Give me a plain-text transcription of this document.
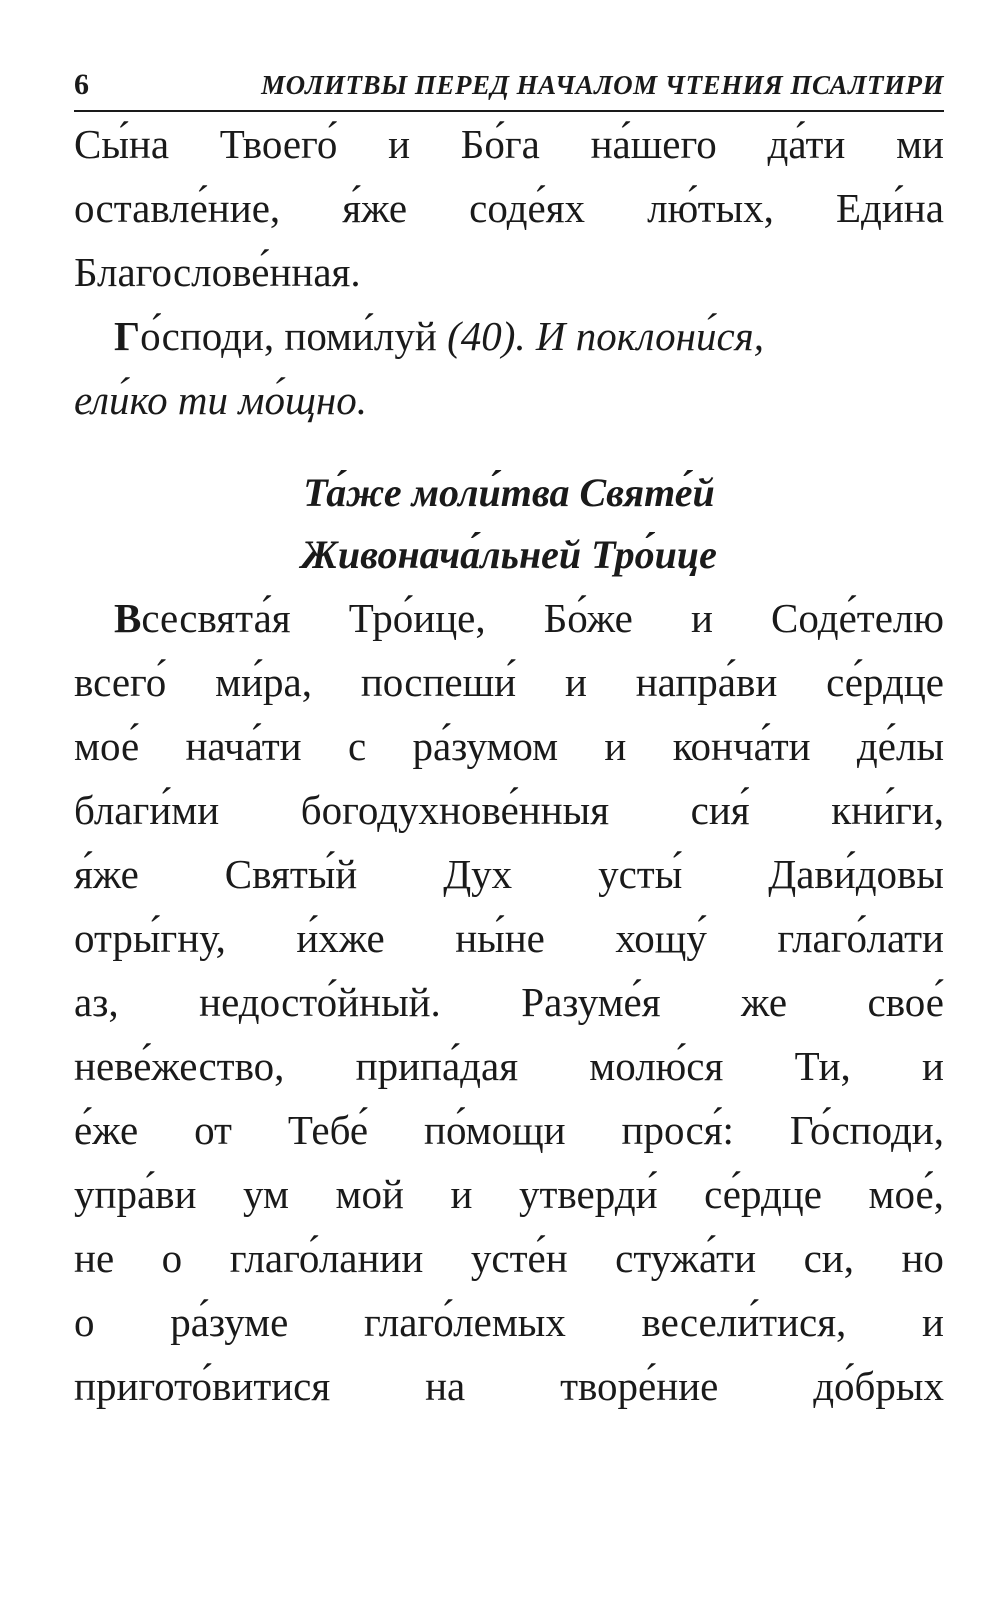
6	МОЛИТВЫ ПЕРЕД НАЧАЛОМ ЧТЕНИЯ ПСАЛТИРИ
Сы́на Твоего́ и Бо́га на́шего да́ти ми
оставле́ние, я́же соде́ях лю́тых, Еди́на
Благослове́нная.
Го́споди, поми́луй (40). И поклони́ся,
ели́ко ти мо́щно.
Та́же моли́тва Святе́й
Живонача́льней Тро́ице
Всесвята́я Тро́ице, Бо́же и Соде́телю
всего́ ми́ра, поспеши́ и напра́ви се́рдце
мое́ нача́ти с ра́зумом и конча́ти де́лы
благи́ми богодухнове́нныя сия́ кни́ги,
я́же Святы́й Дух усты́ Дави́довы
отры́гну, и́хже ны́не хощу́ глаго́лати
аз, недосто́йный. Разуме́я же свое́
неве́жество, припа́дая молю́ся Ти, и
е́же от Тебе́ по́мощи прося́: Го́споди,
упра́ви ум мой и утверди́ се́рдце мое́,
не о глаго́лании усте́н стужа́ти си, но
о ра́зуме глаго́лемых весели́тися, и
пригото́витися на творе́ние до́брых
